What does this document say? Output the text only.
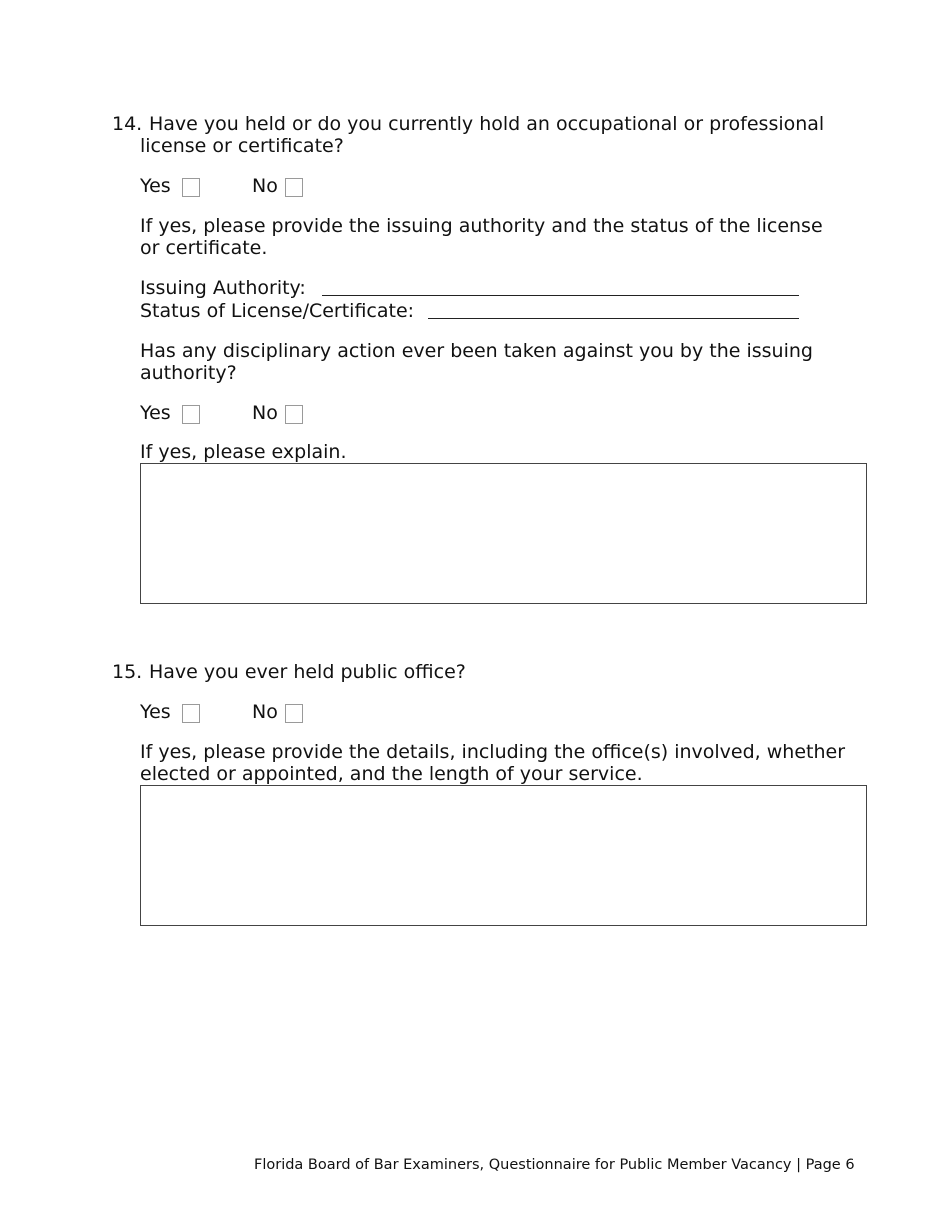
14. Have you held or do you currently hold an occupational or professional
license or certificate?
Yes	No
If yes, please provide the issuing authority and the status of the license
or certificate.
Issuing Authority:
Status of License/Certificate:
Has any disciplinary action ever been taken against you by the issuing
authority?
Yes	No
If yes, please explain.
15. Have you ever held public office?
Yes	No
If yes, please provide the details, including the office(s) involved, whether
elected or appointed, and the length of your service.
Florida Board of Bar Examiners, Questionnaire for Public Member Vacancy | Page 6
